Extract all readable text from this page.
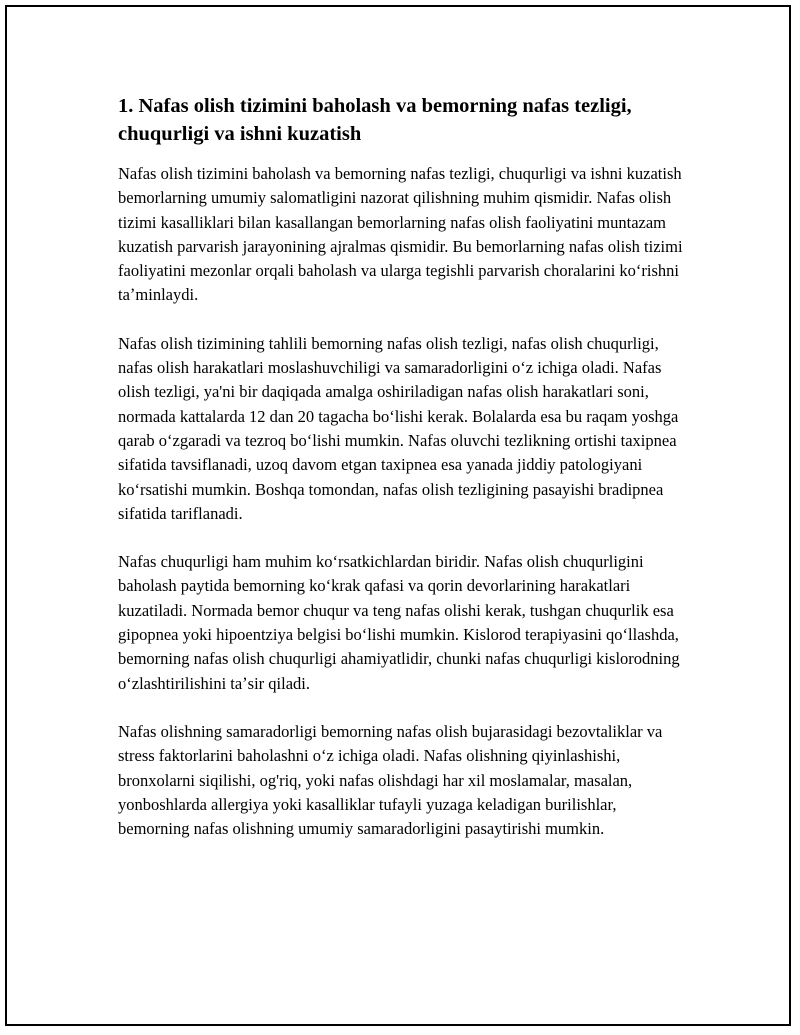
1. Nafas olish tizimini baholash va bemorning nafas tezligi, chuqurligi va ishni kuzatish

Nafas olish tizimini baholash va bemorning nafas tezligi, chuqurligi va ishni kuzatish bemorlarning umumiy salomatligini nazorat qilishning muhim qismidir. Nafas olish tizimi kasalliklari bilan kasallangan bemorlarning nafas olish faoliyatini muntazam kuzatish parvarish jarayonining ajralmas qismidir. Bu bemorlarning nafas olish tizimi faoliyatini mezonlar orqali baholash va ularga tegishli parvarish choralarini koʻrishni taʼminlaydi.

Nafas olish tizimining tahlili bemorning nafas olish tezligi, nafas olish chuqurligi, nafas olish harakatlari moslashuvchiligi va samaradorligini oʻz ichiga oladi. Nafas olish tezligi, ya'ni bir daqiqada amalga oshiriladigan nafas olish harakatlari soni, normada kattalarda 12 dan 20 tagacha boʻlishi kerak. Bolalarda esa bu raqam yoshga qarab oʻzgaradi va tezroq boʻlishi mumkin. Nafas oluvchi tezlikning ortishi taxipnea sifatida tavsiflanadi, uzoq davom etgan taxipnea esa yanada jiddiy patologiyani koʻrsatishi mumkin. Boshqa tomondan, nafas olish tezligining pasayishi bradipnea sifatida tariflanadi.

Nafas chuqurligi ham muhim koʻrsatkichlardan biridir. Nafas olish chuqurligini baholash paytida bemorning koʻkrak qafasi va qorin devorlarining harakatlari kuzatiladi. Normada bemor chuqur va teng nafas olishi kerak, tushgan chuqurlik esa gipopnea yoki hipoentziya belgisi boʻlishi mumkin. Kislorod terapiyasini qoʻllashda, bemorning nafas olish chuqurligi ahamiyatlidir, chunki nafas chuqurligi kislorodning oʻzlashtirilishini taʼsir qiladi.

Nafas olishning samaradorligi bemorning nafas olish bujarasidagi bezovtaliklar va stress faktorlarini baholashni oʻz ichiga oladi. Nafas olishning qiyinlashishi, bronxolarni siqilishi, og'riq, yoki nafas olishdagi har xil moslamalar, masalan, yonboshlarda allergiya yoki kasalliklar tufayli yuzaga keladigan burilishlar, bemorning nafas olishning umumiy samaradorligini pasaytirishi mumkin.
